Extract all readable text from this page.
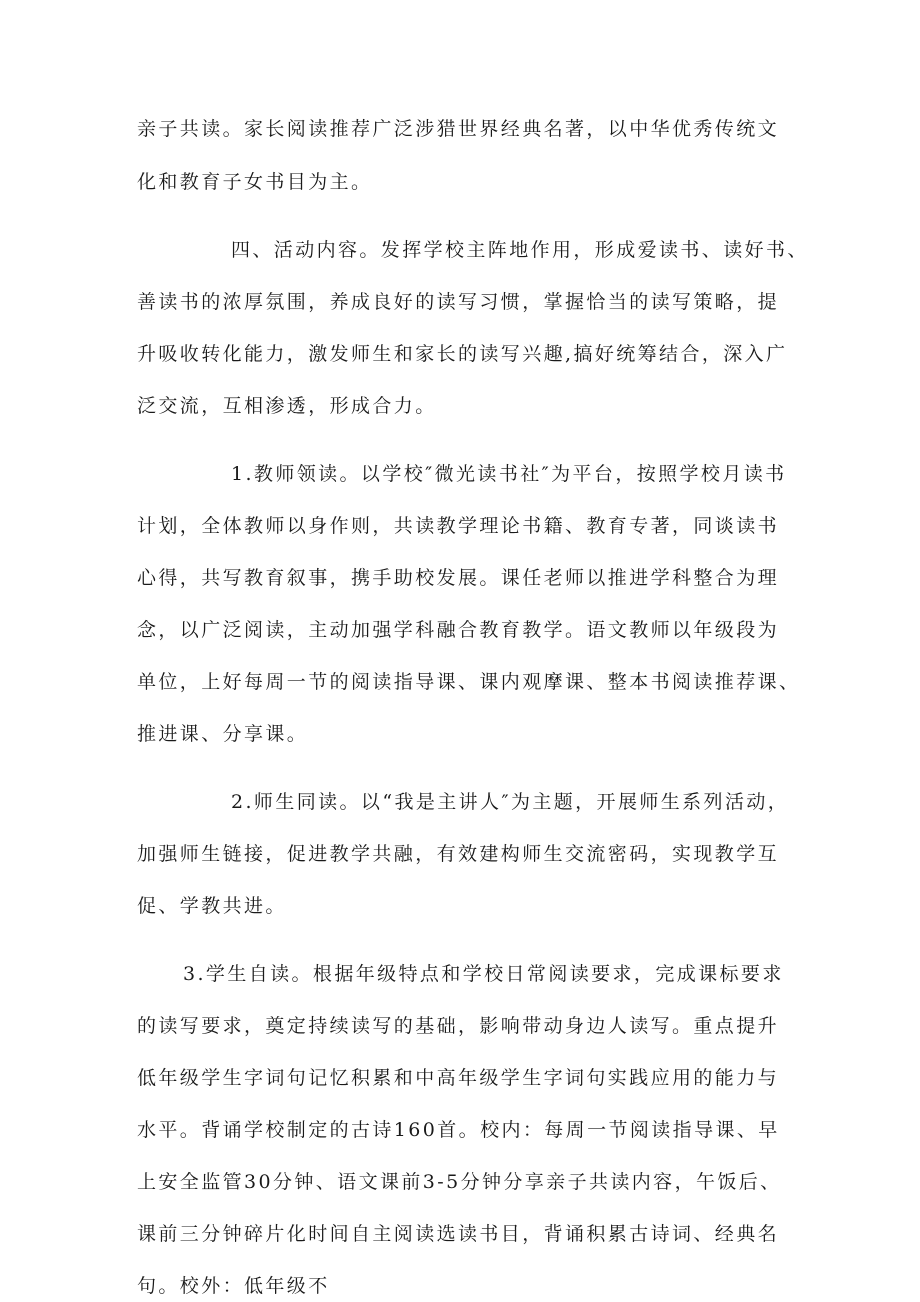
亲子共读。家长阅读推荐广泛涉猎世界经典名著，以中华优秀传统文

化和教育子女书目为主。

四、活动内容。发挥学校主阵地作用，形成爱读书、读好书、

善读书的浓厚氛围，养成良好的读写习惯，掌握恰当的读写策略，提

升吸收转化能力，激发师生和家长的读写兴趣,搞好统筹结合，深入广

泛交流，互相渗透，形成合力。

1.教师领读。以学校″微光读书社″为平台，按照学校月读书

计划，全体教师以身作则，共读教学理论书籍、教育专著，同谈读书

心得，共写教育叙事，携手助校发展。课任老师以推进学科整合为理

念，以广泛阅读，主动加强学科融合教育教学。语文教师以年级段为

单位，上好每周一节的阅读指导课、课内观摩课、整本书阅读推荐课、

推进课、分享课。

2.师生同读。以“我是主讲人″为主题，开展师生系列活动，

加强师生链接，促进教学共融，有效建构师生交流密码，实现教学互

促、学教共进。

3.学生自读。根据年级特点和学校日常阅读要求，完成课标要求

的读写要求，奠定持续读写的基础，影响带动身边人读写。重点提升

低年级学生字词句记忆积累和中高年级学生字词句实践应用的能力与

水平。背诵学校制定的古诗160首。校内：每周一节阅读指导课、早

上安全监管30分钟、语文课前3-5分钟分享亲子共读内容，午饭后、

课前三分钟碎片化时间自主阅读选读书目，背诵积累古诗词、经典名

句。校外：低年级不
